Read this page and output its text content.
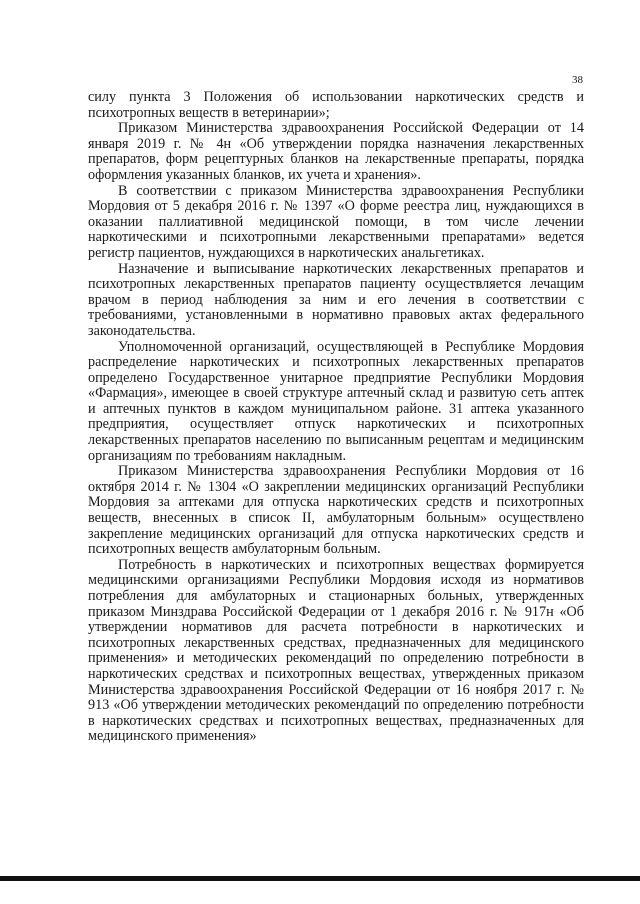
38

силу пункта 3 Положения об использовании наркотических средств и психотропных веществ в ветеринарии»;

Приказом Министерства здравоохранения Российской Федерации от 14 января 2019 г. № 4н «Об утверждении порядка назначения лекарственных препаратов, форм рецептурных бланков на лекарственные препараты, порядка оформления указанных бланков, их учета и хранения».

В соответствии с приказом Министерства здравоохранения Республики Мордовия от 5 декабря 2016 г. № 1397 «О форме реестра лиц, нуждающихся в оказании паллиативной медицинской помощи, в том числе лечении наркотическими и психотропными лекарственными препаратами» ведется регистр пациентов, нуждающихся в наркотических анальгетиках.

Назначение и выписывание наркотических лекарственных препаратов и психотропных лекарственных препаратов пациенту осуществляется лечащим врачом в период наблюдения за ним и его лечения в соответствии с требованиями, установленными в нормативно правовых актах федерального законодательства.

Уполномоченной организаций, осуществляющей в Республике Мордовия распределение наркотических и психотропных лекарственных препаратов определено Государственное унитарное предприятие Республики Мордовия «Фармация», имеющее в своей структуре аптечный склад и развитую сеть аптек и аптечных пунктов в каждом муниципальном районе. 31 аптека указанного предприятия, осуществляет отпуск наркотических и психотропных лекарственных препаратов населению по выписанным рецептам и медицинским организациям по требованиям накладным.

Приказом Министерства здравоохранения Республики Мордовия от 16 октября 2014 г. № 1304 «О закреплении медицинских организаций Республики Мордовия за аптеками для отпуска наркотических средств и психотропных веществ, внесенных в список II, амбулаторным больным» осуществлено закрепление медицинских организаций для отпуска наркотических средств и психотропных веществ амбулаторным больным.

Потребность в наркотических и психотропных веществах формируется медицинскими организациями Республики Мордовия исходя из нормативов потребления для амбулаторных и стационарных больных, утвержденных приказом Минздрава Российской Федерации от 1 декабря 2016 г. № 917н «Об утверждении нормативов для расчета потребности в наркотических и психотропных лекарственных средствах, предназначенных для медицинского применения» и методических рекомендаций по определению потребности в наркотических средствах и психотропных веществах, утвержденных приказом Министерства здравоохранения Российской Федерации от 16 ноября 2017 г. № 913 «Об утверждении методических рекомендаций по определению потребности в наркотических средствах и психотропных веществах, предназначенных для медицинского применения»
